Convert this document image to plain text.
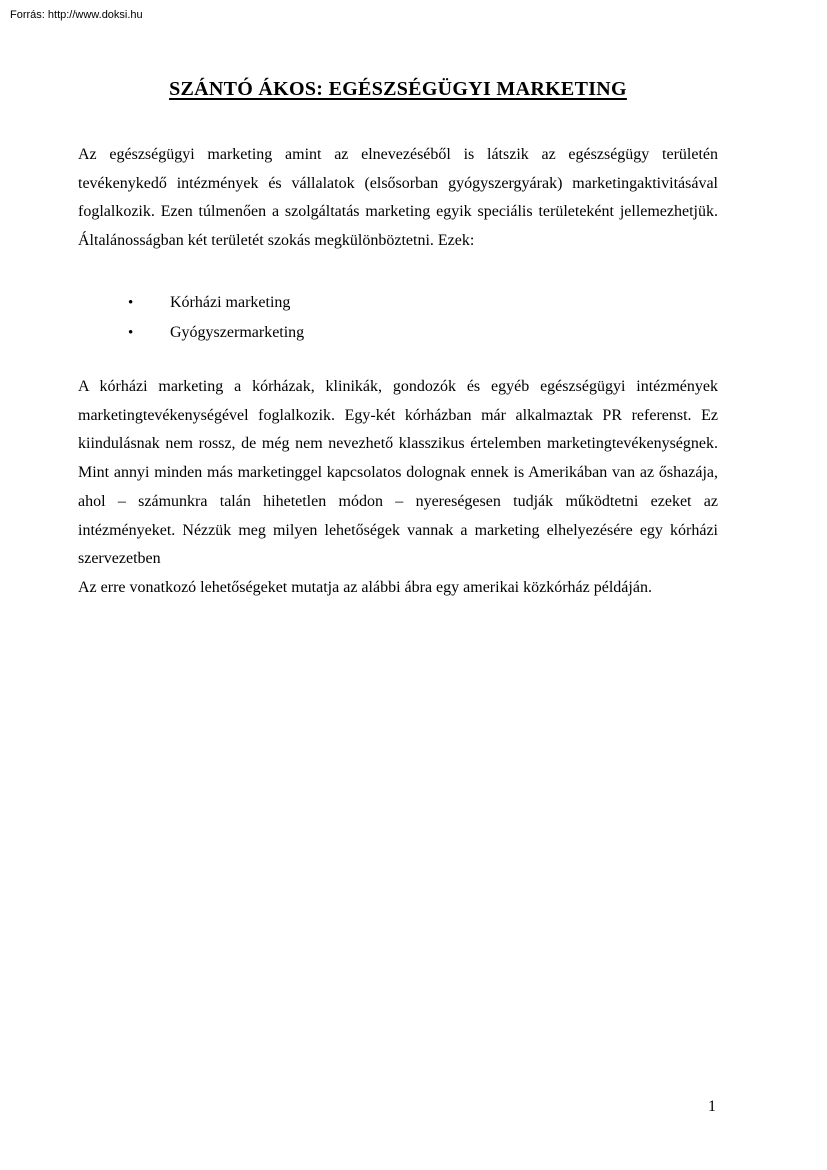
Forrás: http://www.doksi.hu
SZÁNTÓ ÁKOS: EGÉSZSÉGÜGYI MARKETING

Az egészségügyi marketing amint az elnevezéséből is látszik az egészségügy területén tevékenykedő intézmények és vállalatok (elsősorban gyógyszergyárak) marketingaktivitásával foglalkozik. Ezen túlmenően a szolgáltatás marketing egyik speciális területeként jellemezhetjük. Általánosságban két területét szokás megkülönböztetni. Ezek:

•	Kórházi marketing
•	Gyógyszermarketing

A kórházi marketing a kórházak, klinikák, gondozók és egyéb egészségügyi intézmények marketingtevékenységével foglalkozik. Egy-két kórházban már alkalmaztak PR referenst. Ez kiindulásnak nem rossz, de még nem nevezhető klasszikus értelemben marketingtevékenységnek. Mint annyi minden más marketinggel kapcsolatos dolognak ennek is Amerikában van az őshazája, ahol – számunkra talán hihetetlen módon – nyereségesen tudják működtetni ezeket az intézményeket. Nézzük meg milyen lehetőségek vannak a marketing elhelyezésére egy kórházi szervezetben

Az erre vonatkozó lehetőségeket mutatja az alábbi ábra egy amerikai közkórház példáján.

1
